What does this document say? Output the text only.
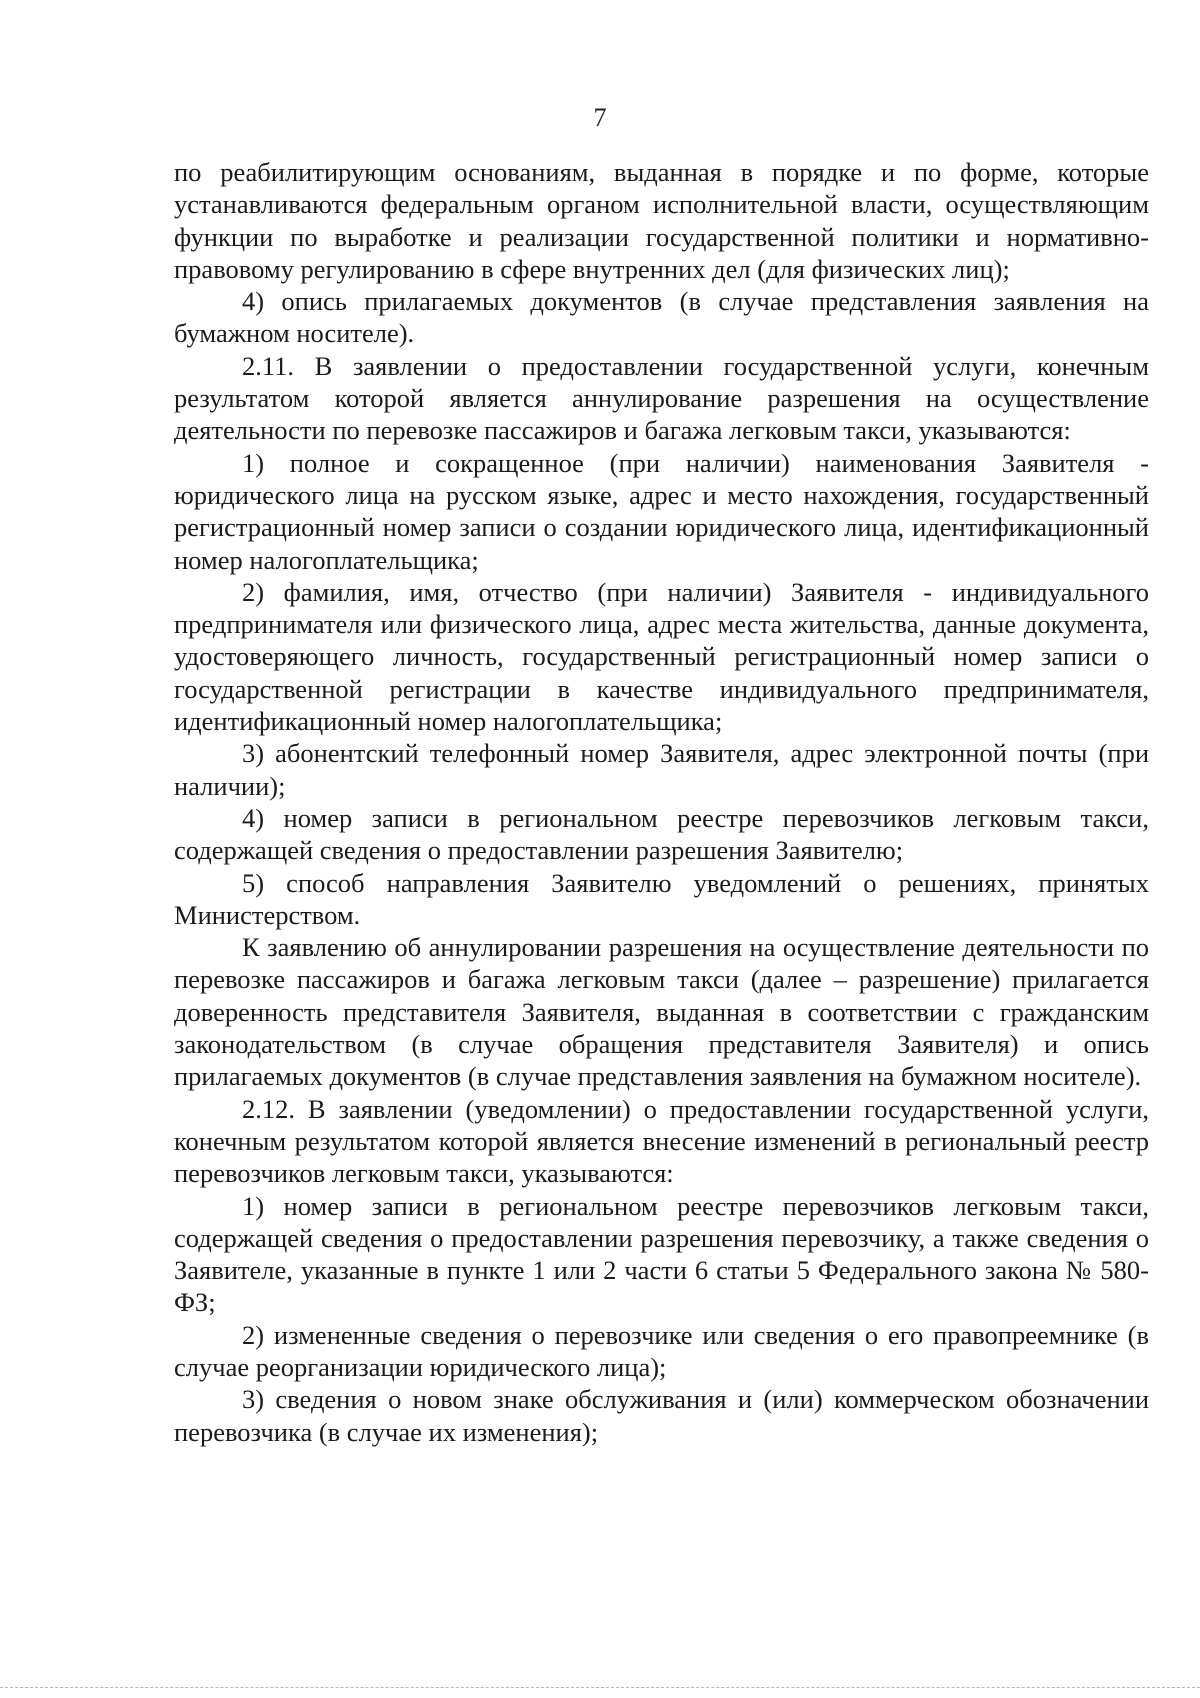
7

по реабилитирующим основаниям, выданная в порядке и по форме, которые устанавливаются федеральным органом исполнительной власти, осуществляющим функции по выработке и реализации государственной политики и нормативно-правовому регулированию в сфере внутренних дел (для физических лиц);

4) опись прилагаемых документов (в случае представления заявления на бумажном носителе).

2.11. В заявлении о предоставлении государственной услуги, конечным результатом которой является аннулирование разрешения на осуществление деятельности по перевозке пассажиров и багажа легковым такси, указываются:

1) полное и сокращенное (при наличии) наименования Заявителя - юридического лица на русском языке, адрес и место нахождения, государственный регистрационный номер записи о создании юридического лица, идентификационный номер налогоплательщика;

2) фамилия, имя, отчество (при наличии) Заявителя - индивидуального предпринимателя или физического лица, адрес места жительства, данные документа, удостоверяющего личность, государственный регистрационный номер записи о государственной регистрации в качестве индивидуального предпринимателя, идентификационный номер налогоплательщика;

3) абонентский телефонный номер Заявителя, адрес электронной почты (при наличии);

4) номер записи в региональном реестре перевозчиков легковым такси, содержащей сведения о предоставлении разрешения Заявителю;

5) способ направления Заявителю уведомлений о решениях, принятых Министерством.

К заявлению об аннулировании разрешения на осуществление деятельности по перевозке пассажиров и багажа легковым такси (далее – разрешение) прилагается доверенность представителя Заявителя, выданная в соответствии с гражданским законодательством (в случае обращения представителя Заявителя) и опись прилагаемых документов (в случае представления заявления на бумажном носителе).

2.12. В заявлении (уведомлении) о предоставлении государственной услуги, конечным результатом которой является внесение изменений в региональный реестр перевозчиков легковым такси, указываются:

1) номер записи в региональном реестре перевозчиков легковым такси, содержащей сведения о предоставлении разрешения перевозчику, а также сведения о Заявителе, указанные в пункте 1 или 2 части 6 статьи 5 Федерального закона № 580-ФЗ;

2) измененные сведения о перевозчике или сведения о его правопреемнике (в случае реорганизации юридического лица);

3) сведения о новом знаке обслуживания и (или) коммерческом обозначении перевозчика (в случае их изменения);
